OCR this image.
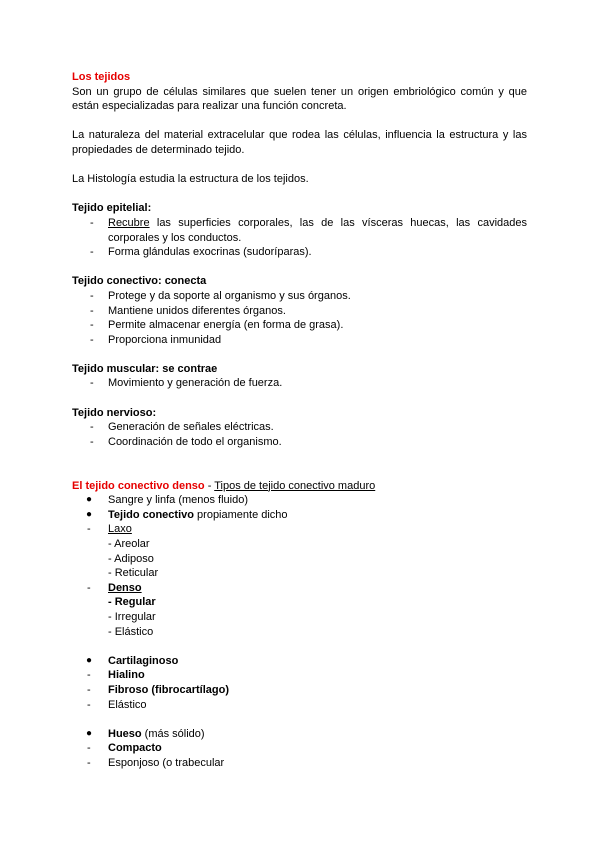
Los tejidos

Son un grupo de células similares que suelen tener un origen embriológico común y que están especializadas para realizar una función concreta.

La naturaleza del material extracelular que rodea las células, influencia la estructura y las propiedades de determinado tejido.

La Histología estudia la estructura de los tejidos.

Tejido epitelial:

- Recubre las superficies corporales, las de las vísceras huecas, las cavidades corporales y los conductos.
- Forma glándulas exocrinas (sudoríparas).

Tejido conectivo: conecta

- Protege y da soporte al organismo y sus órganos.
- Mantiene unidos diferentes órganos.
- Permite almacenar energía (en forma de grasa).
- Proporciona inmunidad

Tejido muscular: se contrae

- Movimiento y generación de fuerza.

Tejido nervioso:

- Generación de señales eléctricas.
- Coordinación de todo el organismo.

El tejido conectivo denso - Tipos de tejido conectivo maduro

● Sangre y linfa (menos fluido)
● Tejido conectivo propiamente dicho
- Laxo
- Areolar
- Adiposo
- Reticular
- Denso
- Regular
- Irregular
- Elástico
● Cartilaginoso
- Hialino
- Fibroso (fibrocartílago)
- Elástico
● Hueso (más sólido)
- Compacto
- Esponjoso (o trabecular
